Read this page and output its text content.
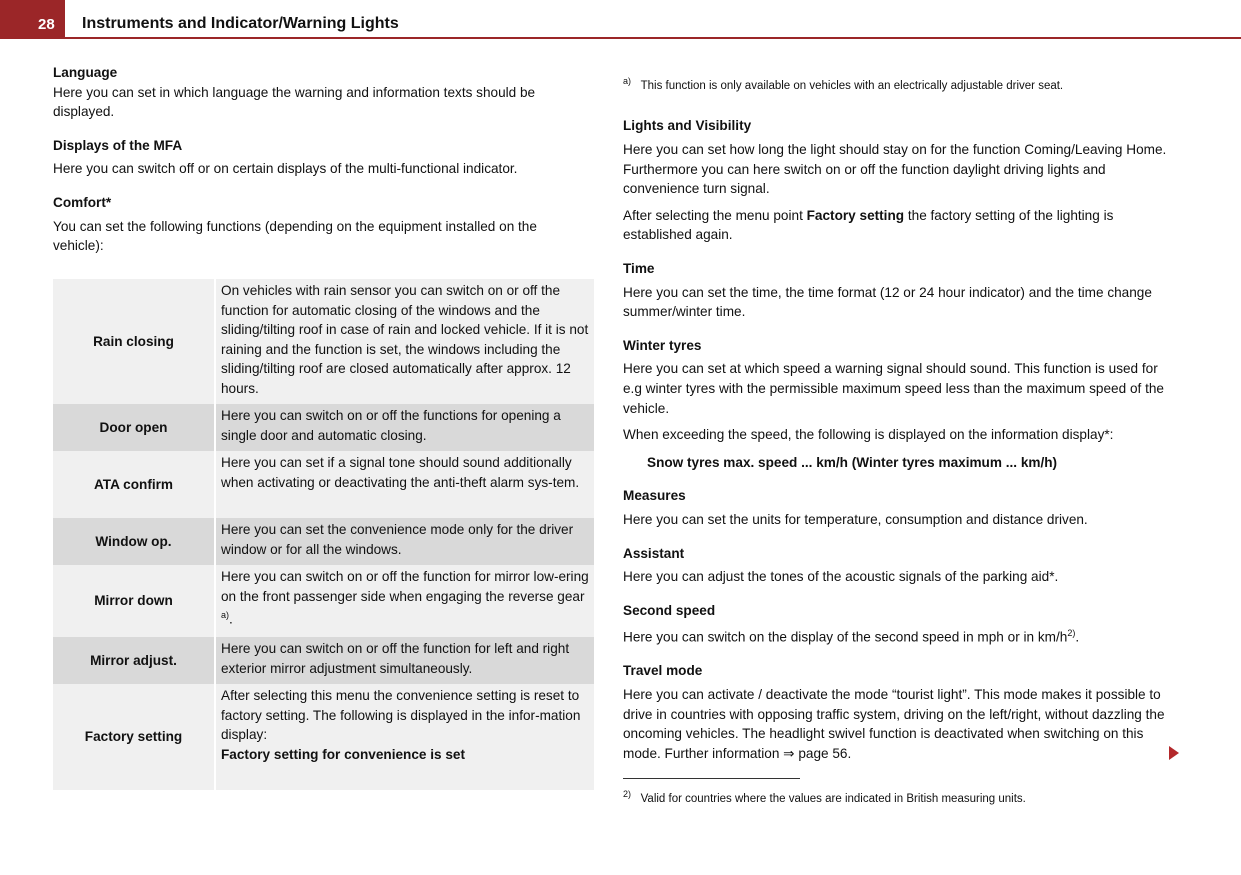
28 Instruments and Indicator/Warning Lights

Language

Here you can set in which language the warning and information texts should be displayed.

Displays of the MFA

Here you can switch off or on certain displays of the multi-functional indicator.

Comfort*

You can set the following functions (depending on the equipment installed on the vehicle):

Rain closing	On vehicles with rain sensor you can switch on or off the function for automatic closing of the windows and the sliding/tilting roof in case of rain and locked vehicle. If it is not raining and the function is set, the windows including the sliding/tilting roof are closed automatically after approx. 12 hours.
Door open	Here you can switch on or off the functions for opening a single door and automatic closing.
ATA confirm	Here you can set if a signal tone should sound additionally when activating or deactivating the anti-theft alarm sys-tem.
Window op.	Here you can set the convenience mode only for the driver window or for all the windows.
Mirror down	Here you can switch on or off the function for mirror low-ering on the front passenger side when engaging the reverse gear $^{a)}$.
Mirror adjust.	Here you can switch on or off the function for left and right exterior mirror adjustment simultaneously.
Factory setting	After selecting this menu the convenience setting is reset to factory setting. The following is displayed in the infor-mation display:
Factory setting for convenience is set

$^{a)}$ This function is only available on vehicles with an electrically adjustable driver seat.

Lights and Visibility

Here you can set how long the light should stay on for the function Coming/Leaving Home. Furthermore you can here switch on or off the function daylight driving lights and convenience turn signal.

After selecting the menu point Factory setting the factory setting of the lighting is established again.

Time

Here you can set the time, the time format (12 or 24 hour indicator) and the time change summer/winter time.

Winter tyres

Here you can set at which speed a warning signal should sound. This function is used for e.g winter tyres with the permissible maximum speed less than the maximum speed of the vehicle.

When exceeding the speed, the following is displayed on the information display*:

Snow tyres max. speed ... km/h (Winter tyres maximum ... km/h)

Measures

Here you can set the units for temperature, consumption and distance driven.

Assistant

Here you can adjust the tones of the acoustic signals of the parking aid*.

Second speed

Here you can switch on the display of the second speed in mph or in $km/h^{2)}$.

Travel mode

Here you can activate / deactivate the mode “tourist light”. This mode makes it possible to drive in countries with opposing traffic system, driving on the left/right, without dazzling the oncoming vehicles. The headlight swivel function is deactivated when switching on this mode. Further information ⇒ page 56.

$^{2)}$ Valid for countries where the values are indicated in British measuring units.
